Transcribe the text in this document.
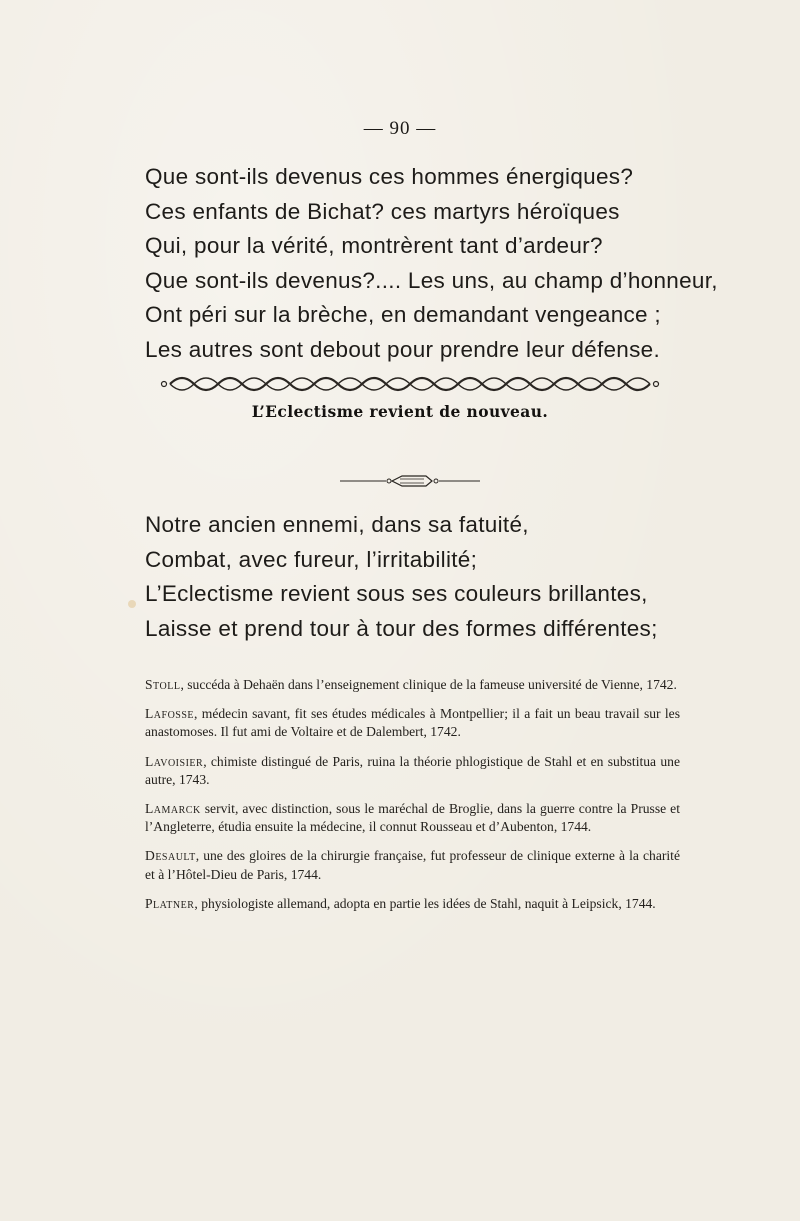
— 90 —
Que sont-ils devenus ces hommes énergiques?
Ces enfants de Bichat? ces martyrs héroïques
Qui, pour la vérité, montrèrent tant d’ardeur?
Que sont-ils devenus?.... Les uns, au champ d’honneur,
Ont péri sur la brèche, en demandant vengeance ;
Les autres sont debout pour prendre leur défense.
L’Eclectisme revient de nouveau.
Notre ancien ennemi, dans sa fatuité,
Combat, avec fureur, l’irritabilité;
L’Eclectisme revient sous ses couleurs brillantes,
Laisse et prend tour à tour des formes différentes;

Stoll, succéda à Dehaën dans l’enseignement clinique de la fameuse université de Vienne, 1742.

Lafosse, médecin savant, fit ses études médicales à Montpellier; il a fait un beau travail sur les anastomoses. Il fut ami de Voltaire et de Dalembert, 1742.

Lavoisier, chimiste distingué de Paris, ruina la théorie phlogistique de Stahl et en substitua une autre, 1743.

Lamarck servit, avec distinction, sous le maréchal de Broglie, dans la guerre contre la Prusse et l’Angleterre, étudia ensuite la médecine, il connut Rousseau et d’Aubenton, 1744.

Desault, une des gloires de la chirurgie française, fut professeur de clinique externe à la charité et à l’Hôtel-Dieu de Paris, 1744.

Platner, physiologiste allemand, adopta en partie les idées de Stahl, naquit à Leipsick, 1744.
